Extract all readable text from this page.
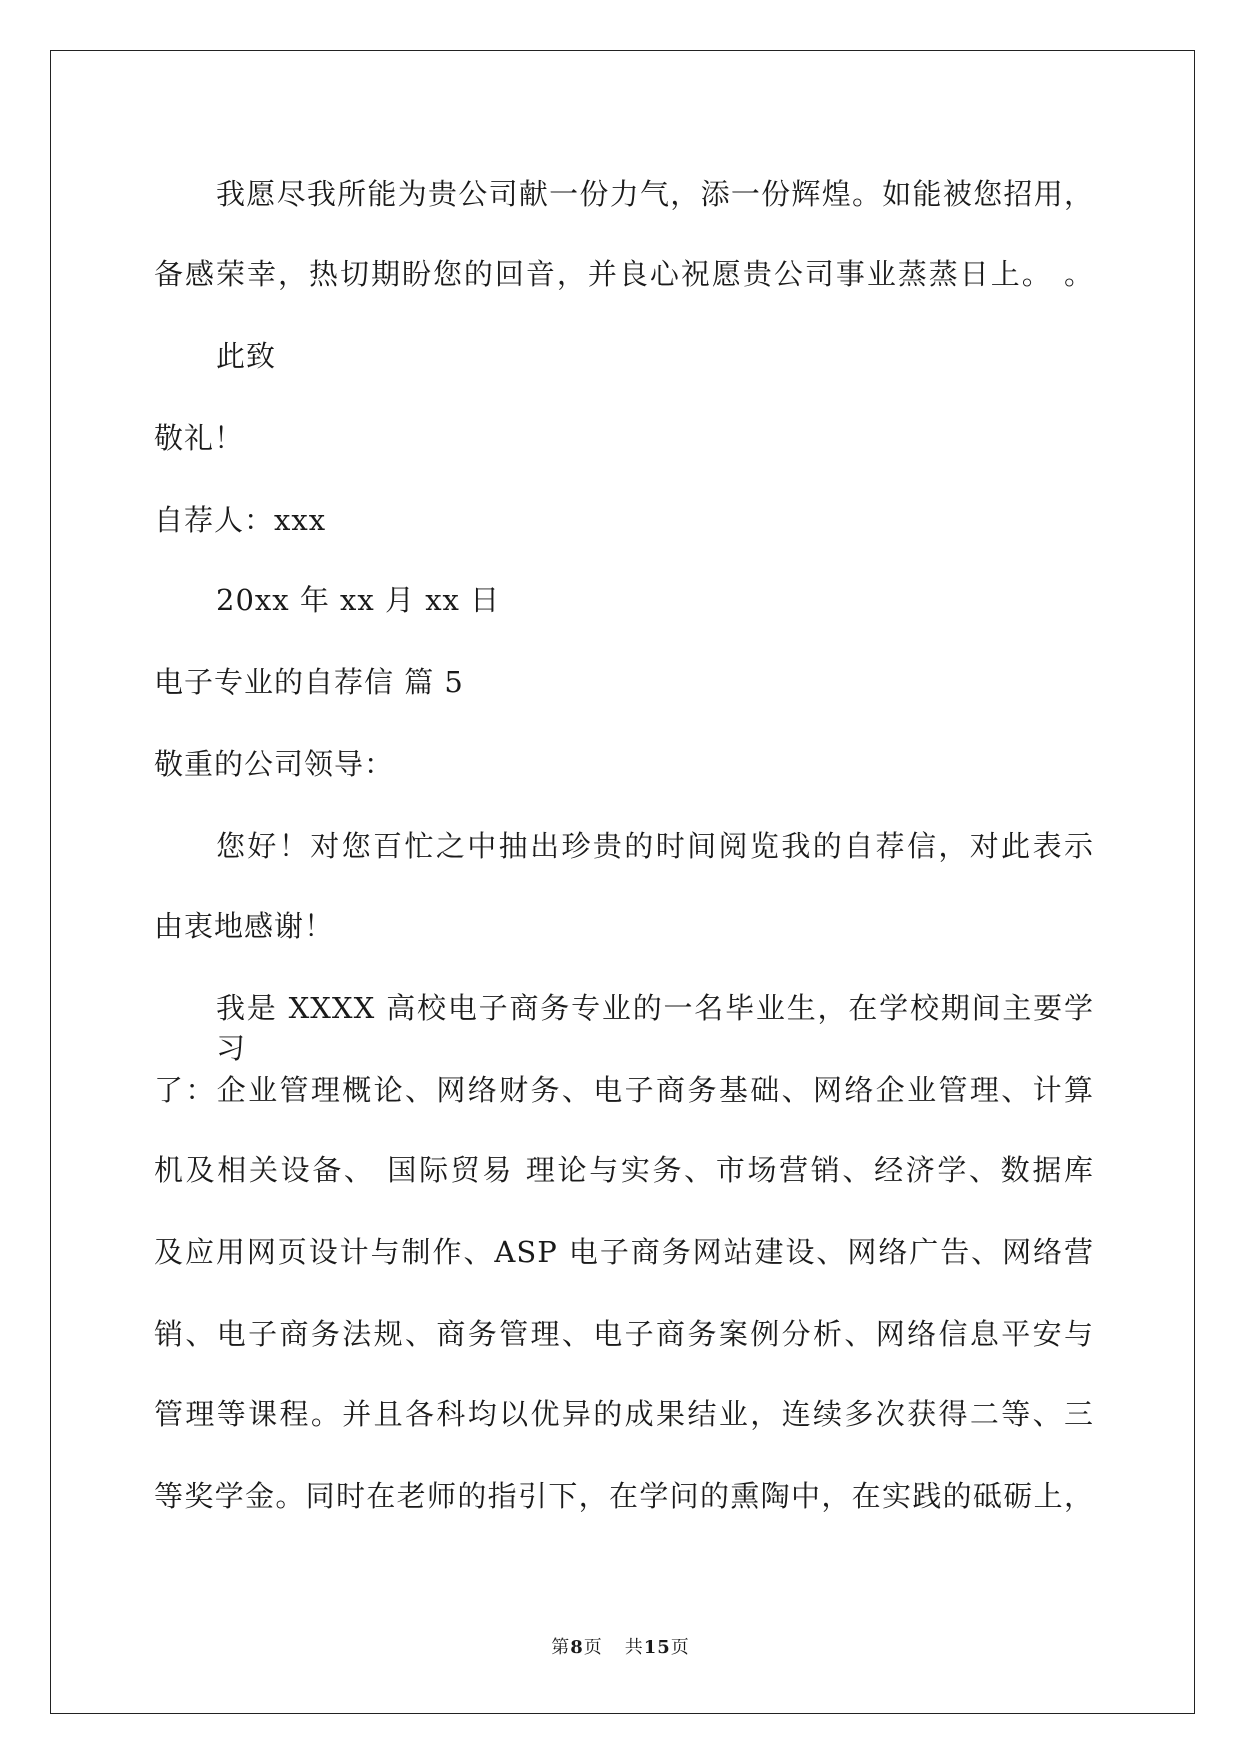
我愿尽我所能为贵公司献一份力气，添一份辉煌。如能被您招用，
备感荣幸，热切期盼您的回音，并良心祝愿贵公司事业蒸蒸日上。 。
此致
敬礼！
自荐人：xxx
20xx 年 xx 月 xx 日
电子专业的自荐信 篇 5
敬重的公司领导：
您好！对您百忙之中抽出珍贵的时间阅览我的自荐信，对此表示
由衷地感谢！
我是 XXXX 高校电子商务专业的一名毕业生，在学校期间主要学习
了：企业管理概论、网络财务、电子商务基础、网络企业管理、计算
机及相关设备、 国际贸易 理论与实务、市场营销、经济学、数据库
及应用网页设计与制作、ASP 电子商务网站建设、网络广告、网络营
销、电子商务法规、商务管理、电子商务案例分析、网络信息平安与
管理等课程。并且各科均以优异的成果结业，连续多次获得二等、三
等奖学金。同时在老师的指引下，在学问的熏陶中，在实践的砥砺上，
第8页 共15页
